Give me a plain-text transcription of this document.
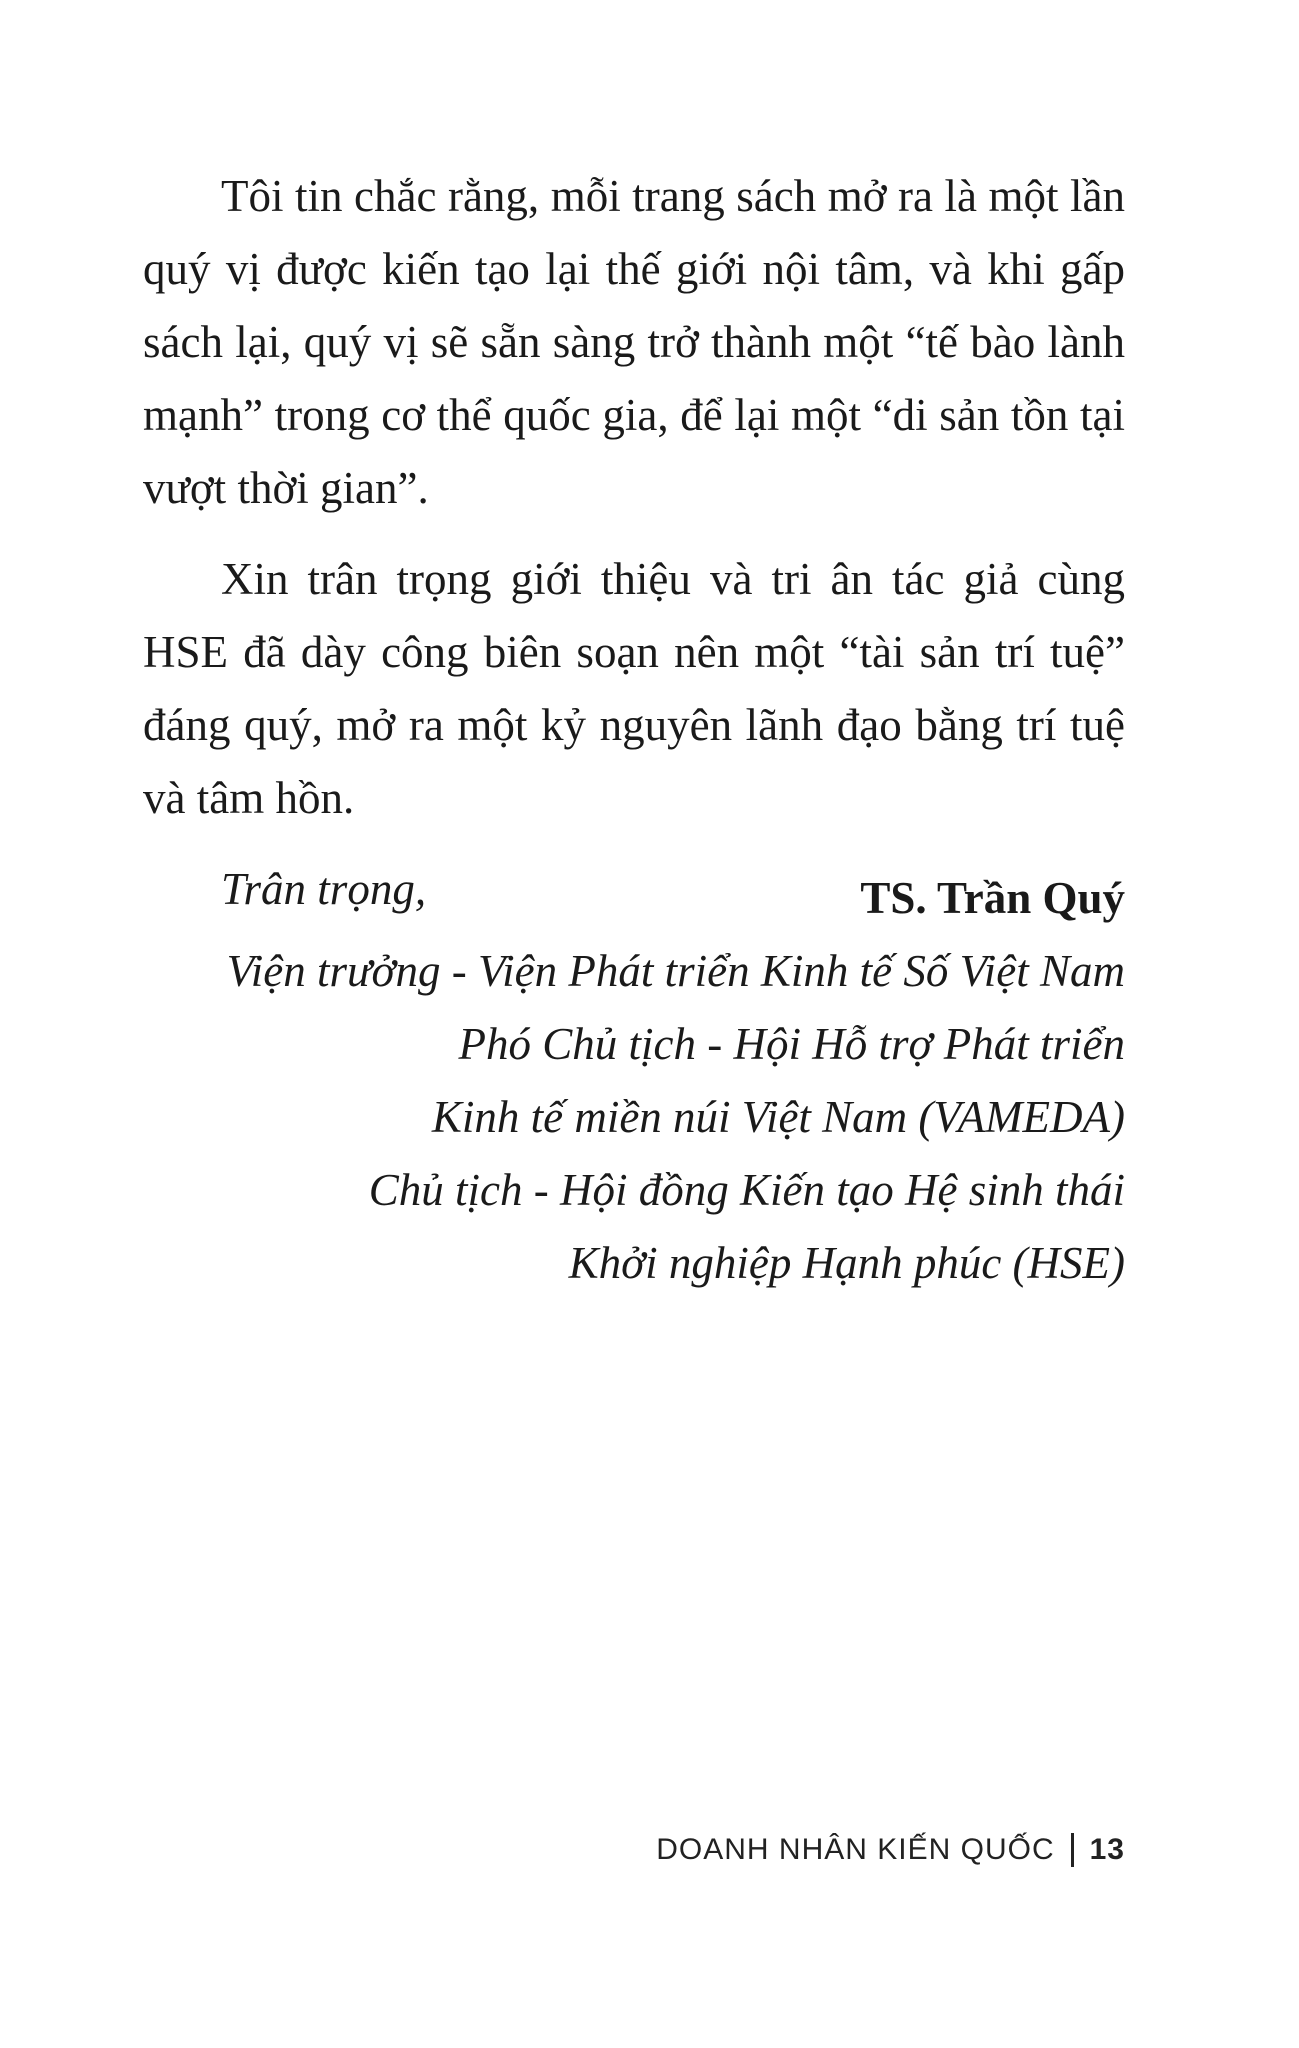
Tôi tin chắc rằng, mỗi trang sách mở ra là một lần quý vị được kiến tạo lại thế giới nội tâm, và khi gấp sách lại, quý vị sẽ sẵn sàng trở thành một “tế bào lành mạnh” trong cơ thể quốc gia, để lại một “di sản tồn tại vượt thời gian”.

Xin trân trọng giới thiệu và tri ân tác giả cùng HSE đã dày công biên soạn nên một “tài sản trí tuệ” đáng quý, mở ra một kỷ nguyên lãnh đạo bằng trí tuệ và tâm hồn.

Trân trọng,	TS. Trần Quý

Viện trưởng - Viện Phát triển Kinh tế Số Việt Nam

Phó Chủ tịch - Hội Hỗ trợ Phát triển

Kinh tế miền núi Việt Nam (VAMEDA)

Chủ tịch - Hội đồng Kiến tạo Hệ sinh thái

Khởi nghiệp Hạnh phúc (HSE)

DOANH NHÂN KIẾN QUỐC 13
